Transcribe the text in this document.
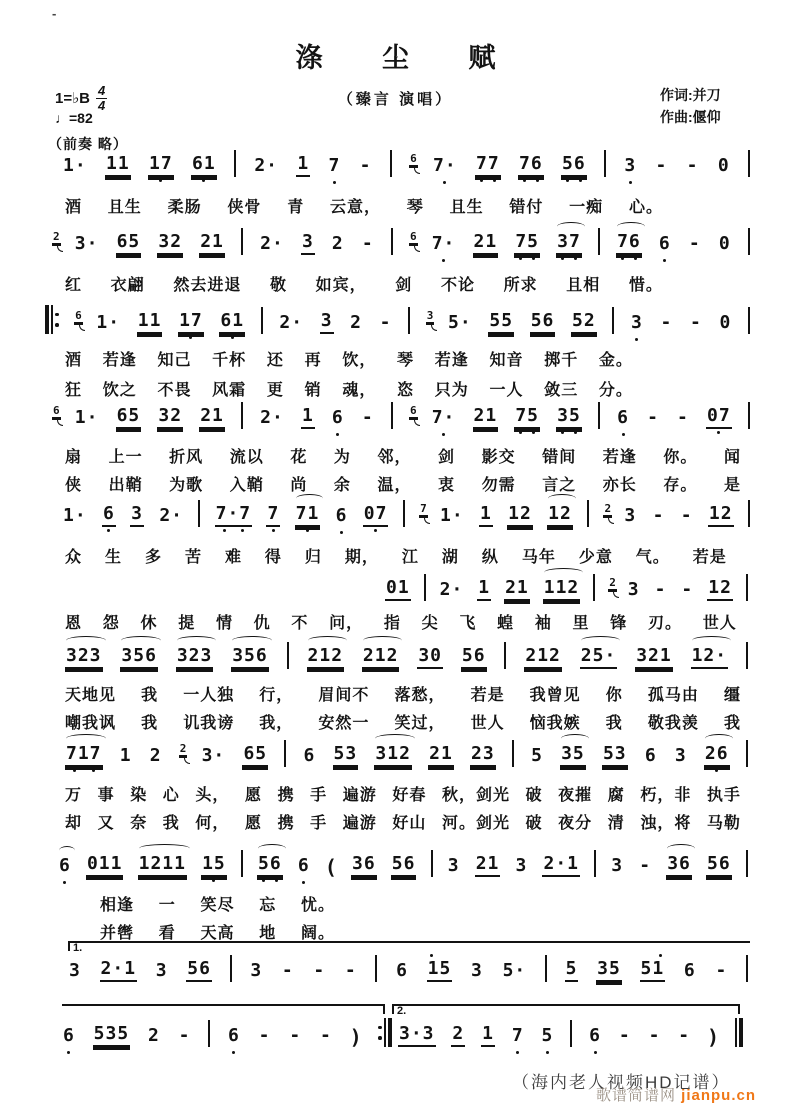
-
涤 尘 赋
（臻言 演唱）	作词:并刀
作曲:偃仰
1=♭B $\frac{4}{4}$
♩=82
（前奏 略）
1· 11 17 61 2· 1 7 -	6 7· 77 76 56 3 - - 0
酒 且生 柔肠 侠骨 青 云意， 琴 且生 错付 一痴 心。
2 3· 65 32 21 2· 3 2 -	6 7· 21 75 37 76 6 - 0
红 衣翩 然去进退 敬 如宾， 剑 不论 所求 且相 惜。
6 1· 11 17 61 2· 3 2 -	3 5· 55 56 52 3 - - 0
酒 若逢 知己 千杯 还 再 饮， 琴 若逢 知音 掷千 金。
狂 饮之 不畏 风霜 更 销 魂， 恣 只为 一人 敛三 分。
6 1· 65 32 21 2· 1 6 -	6 7· 21 75 35 6 - - 07
扇 上一 折风 流以 花 为 邻， 剑 影交 错间 若逢 你。 闻
侠 出鞘 为歌 入鞘 尚 余 温， 衷 勿需 言之 亦长 存。 是
1· 6 3 2· 7·7 7 71 6 07	7 1· 1 12 12	2 3 - - 12
众 生 多 苦 难 得 归 期， 江 湖 纵 马年 少意 气。 若是
01 2· 1 21 112	2 3 - - 12
恩 怨 休 提 情 仇 不 问， 指 尖 飞 蝗 袖 里 锋 刃。 世人
323 356 323 356 212 212 30 56 212 25· 321 12·
天地见 我 一人独 行， 眉间不 落愁， 若是 我曾见 你 孤马由 缰
嘲我讽 我 讥我谤 我， 安然一 笑过， 世人 恼我嫉 我 敬我羡 我
717 1 2 2 3· 65 6 53 312 21 23 5 35 53 6 3 26
万 事 染 心 头， 愿 携 手 遍游 好春 秋，剑光 破 夜摧 腐 朽，非 执手
却 又 奈 我 何， 愿 携 手 遍游 好山 河。剑光 破 夜分 清 浊，将 马勒
6 011 1211 15 56 6 ( 36 56 3 21 3 2·1 3 - 36 56
相逢 一 笑尽 忘 忧。
并辔 看 天高 地 阔。
3 2·1 3 56 3 - - - 6 15 3 5· 5 35 51 6 -
6 535 2 - 6 - - - ) 3·3 2 1 7 5 6 - - - )
1.
2.
（海内老人视频HD记谱）
歌谱简谱网 jianpu.cn
